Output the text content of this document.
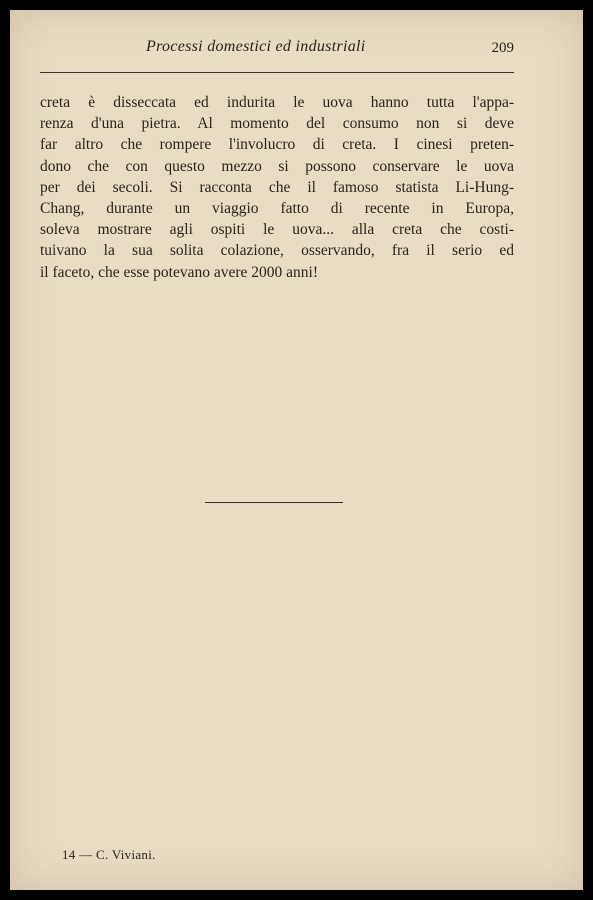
Processi domestici ed industriali	209

creta è disseccata ed indurita le uova hanno tutta l'appa-
renza d'una pietra. Al momento del consumo non si deve
far altro che rompere l'involucro di creta. I cinesi preten-
dono che con questo mezzo si possono conservare le uova
per dei secoli. Si racconta che il famoso statista Li-Hung-
Chang, durante un viaggio fatto di recente in Europa,
soleva mostrare agli ospiti le uova... alla creta che costi-
tuivano la sua solita colazione, osservando, fra il serio ed
il faceto, che esse potevano avere 2000 anni!

14 — C. Viviani.
